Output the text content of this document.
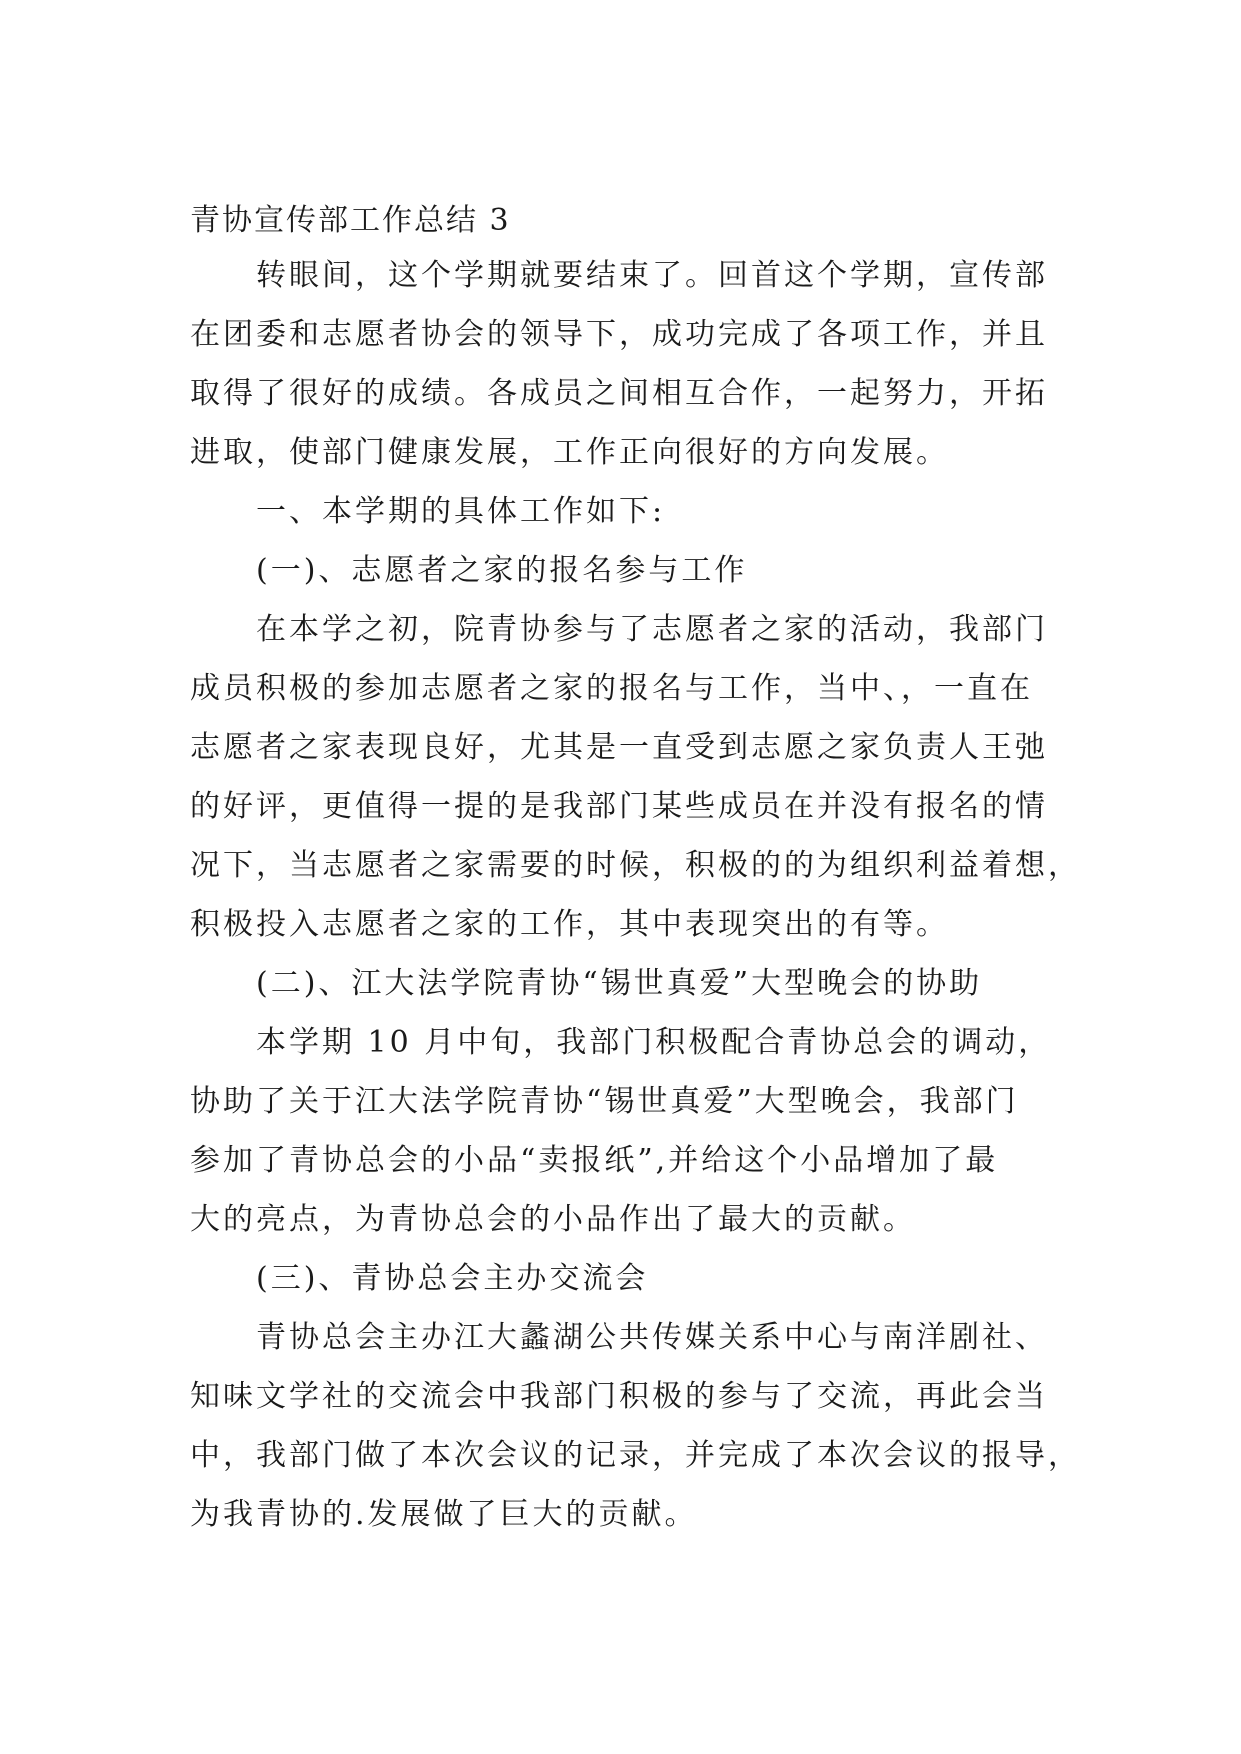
青协宣传部工作总结 3
转眼间，这个学期就要结束了。回首这个学期，宣传部
在团委和志愿者协会的领导下，成功完成了各项工作，并且
取得了很好的成绩。各成员之间相互合作，一起努力，开拓
进取，使部门健康发展，工作正向很好的方向发展。
一、本学期的具体工作如下:
(一)、志愿者之家的报名参与工作
在本学之初，院青协参与了志愿者之家的活动，我部门
成员积极的参加志愿者之家的报名与工作，当中、，一直在
志愿者之家表现良好，尤其是一直受到志愿之家负责人王弛
的好评，更值得一提的是我部门某些成员在并没有报名的情
况下，当志愿者之家需要的时候，积极的的为组织利益着想，
积极投入志愿者之家的工作，其中表现突出的有等。
(二)、江大法学院青协“锡世真爱”大型晚会的协助
本学期 10 月中旬，我部门积极配合青协总会的调动，
协助了关于江大法学院青协“锡世真爱”大型晚会，我部门
参加了青协总会的小品“卖报纸”,并给这个小品增加了最
大的亮点，为青协总会的小品作出了最大的贡献。
(三)、青协总会主办交流会
青协总会主办江大蠡湖公共传媒关系中心与南洋剧社、
知味文学社的交流会中我部门积极的参与了交流，再此会当
中，我部门做了本次会议的记录，并完成了本次会议的报导，
为我青协的.发展做了巨大的贡献。
